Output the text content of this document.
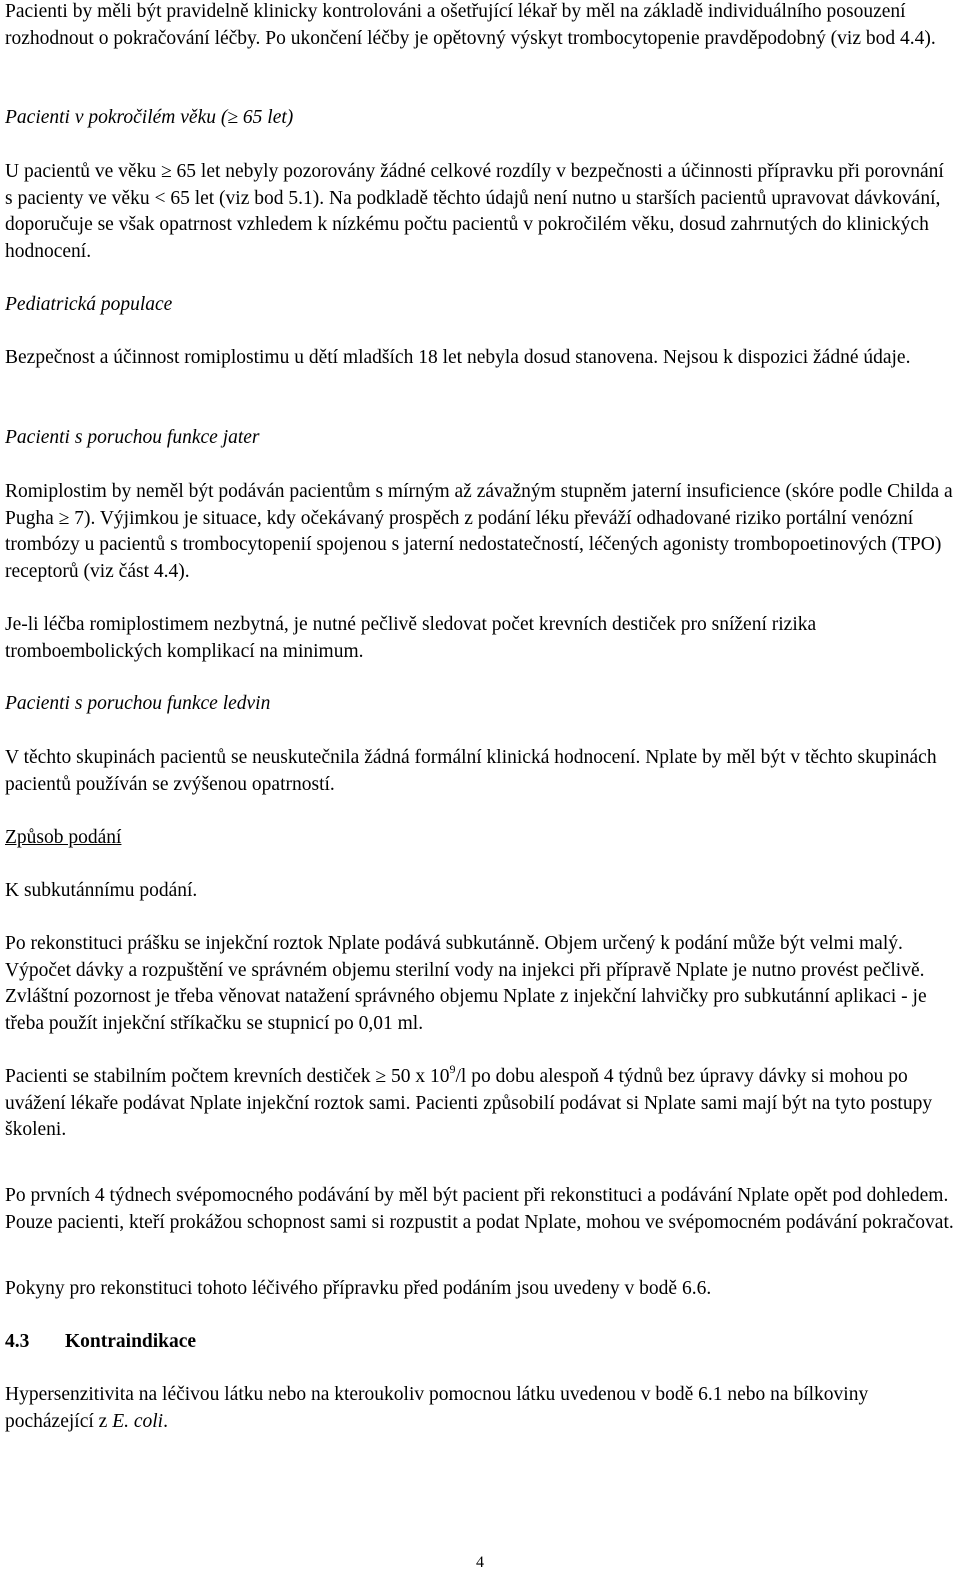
Pacienti by měli být pravidelně klinicky kontrolováni a ošetřující lékař by měl na základě individuálního posouzení rozhodnout o pokračování léčby. Po ukončení léčby je opětovný výskyt trombocytopenie pravděpodobný (viz bod 4.4).

Pacienti v pokročilém věku (≥ 65 let)

U pacientů ve věku ≥ 65 let nebyly pozorovány žádné celkové rozdíly v bezpečnosti a účinnosti přípravku při porovnání s pacienty ve věku < 65 let (viz bod 5.1). Na podkladě těchto údajů není nutno u starších pacientů upravovat dávkování, doporučuje se však opatrnost vzhledem k nízkému počtu pacientů v pokročilém věku, dosud zahrnutých do klinických hodnocení.

Pediatrická populace

Bezpečnost a účinnost romiplostimu u dětí mladších 18 let nebyla dosud stanovena. Nejsou k dispozici žádné údaje.

Pacienti s poruchou funkce jater

Romiplostim by neměl být podáván pacientům s mírným až závažným stupněm jaterní insuficience (skóre podle Childa a Pugha ≥ 7). Výjimkou je situace, kdy očekávaný prospěch z podání léku převáží odhadované riziko portální venózní trombózy u pacientů s trombocytopenií spojenou s jaterní nedostatečností, léčených agonisty trombopoetinových (TPO) receptorů (viz část 4.4).

Je-li léčba romiplostimem nezbytná, je nutné pečlivě sledovat počet krevních destiček pro snížení rizika tromboembolických komplikací na minimum.

Pacienti s poruchou funkce ledvin

V těchto skupinách pacientů se neuskutečnila žádná formální klinická hodnocení. Nplate by měl být v těchto skupinách pacientů používán se zvýšenou opatrností.

Způsob podání

K subkutánnímu podání.

Po rekonstituci prášku se injekční roztok Nplate podává subkutánně. Objem určený k podání může být velmi malý. Výpočet dávky a rozpuštění ve správném objemu sterilní vody na injekci při přípravě Nplate je nutno provést pečlivě. Zvláštní pozornost je třeba věnovat natažení správného objemu Nplate z injekční lahvičky pro subkutánní aplikaci - je třeba použít injekční stříkačku se stupnicí po 0,01 ml.

Pacienti se stabilním počtem krevních destiček ≥ 50 x $10^9/l$ po dobu alespoň 4 týdnů bez úpravy dávky si mohou po uvážení lékaře podávat Nplate injekční roztok sami. Pacienti způsobilí podávat si Nplate sami mají být na tyto postupy školeni.

Po prvních 4 týdnech svépomocného podávání by měl být pacient při rekonstituci a podávání Nplate opět pod dohledem. Pouze pacienti, kteří prokážou schopnost sami si rozpustit a podat Nplate, mohou ve svépomocném podávání pokračovat.

Pokyny pro rekonstituci tohoto léčivého přípravku před podáním jsou uvedeny v bodě 6.6.

4.3 Kontraindikace

Hypersenzitivita na léčivou látku nebo na kteroukoliv pomocnou látku uvedenou v bodě 6.1 nebo na bílkoviny pocházející z E. coli.

4
